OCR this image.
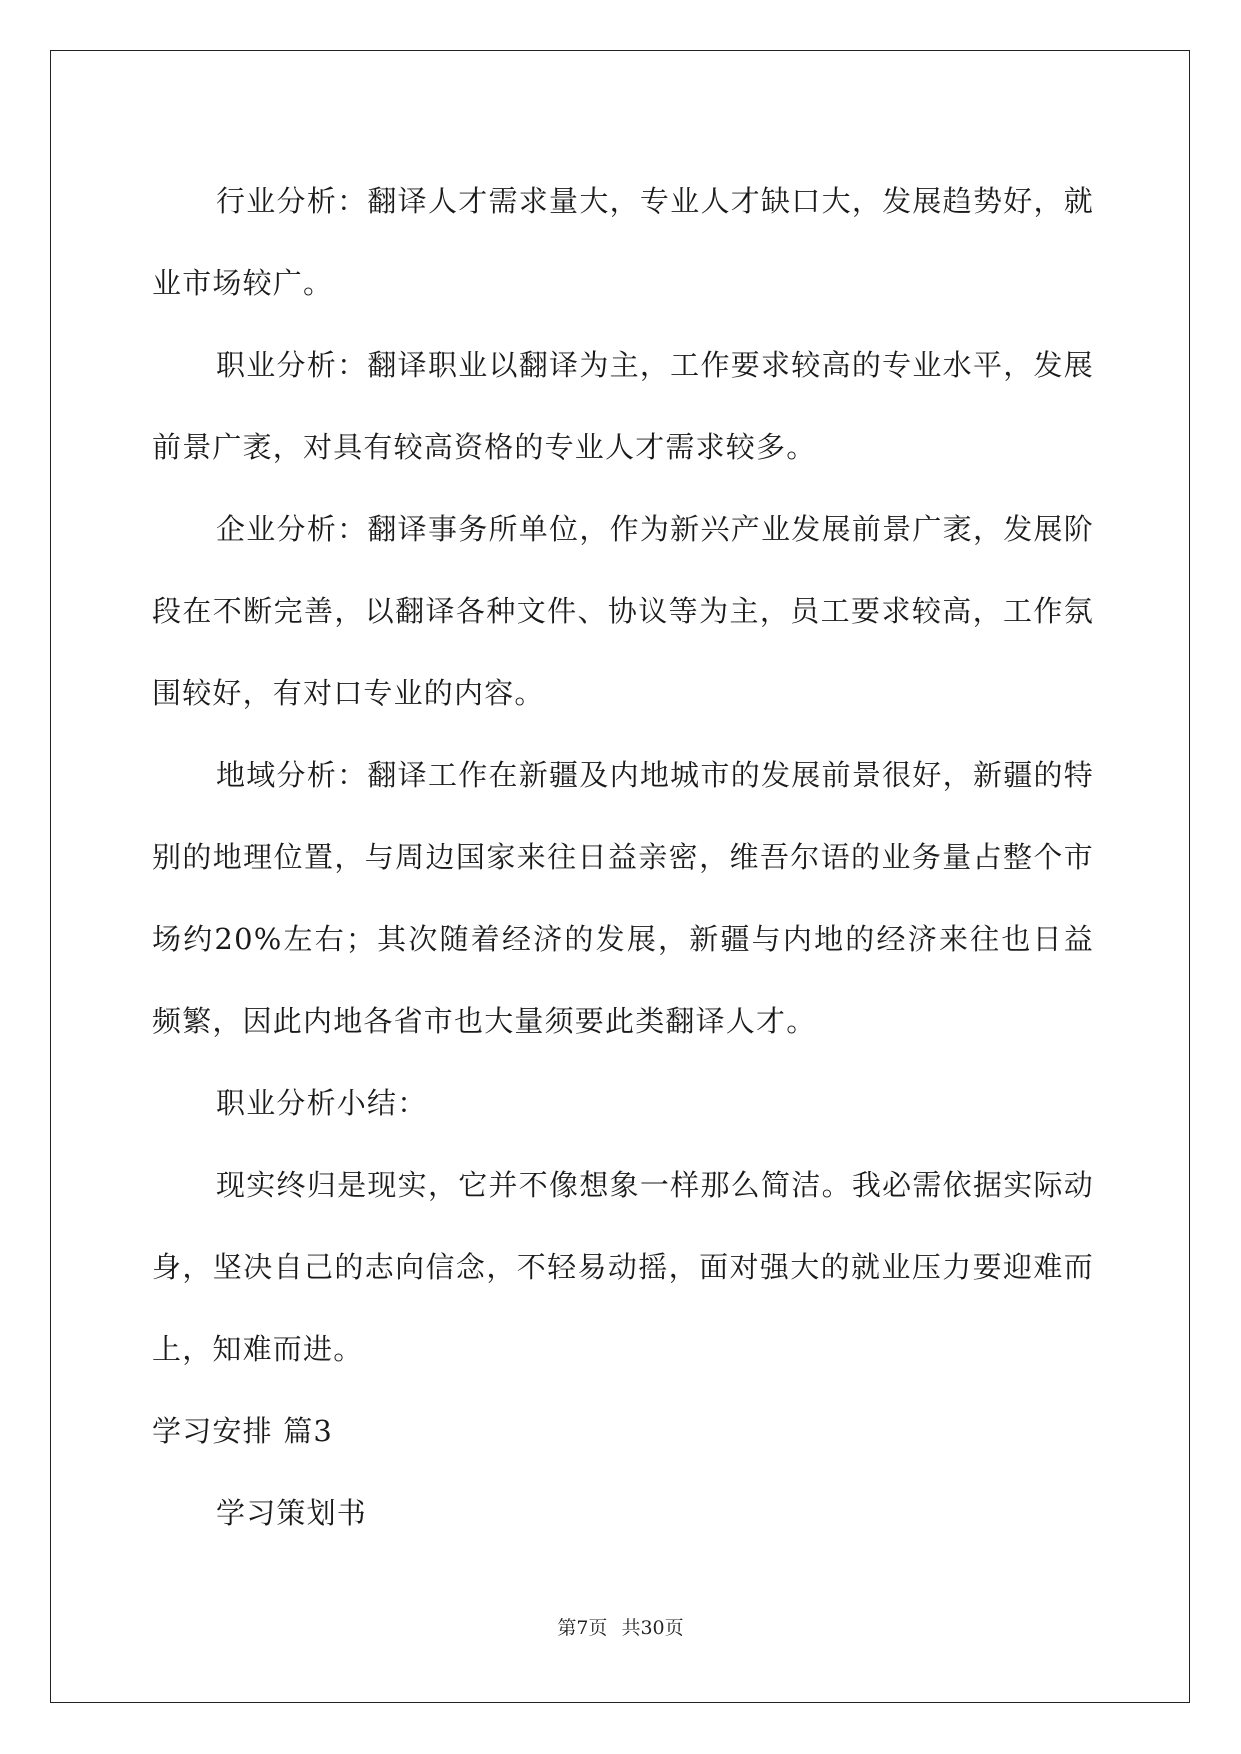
行业分析：翻译人才需求量大，专业人才缺口大，发展趋势好，就业市场较广。

职业分析：翻译职业以翻译为主，工作要求较高的专业水平，发展前景广袤，对具有较高资格的专业人才需求较多。

企业分析：翻译事务所单位，作为新兴产业发展前景广袤，发展阶段在不断完善，以翻译各种文件、协议等为主，员工要求较高，工作氛围较好，有对口专业的内容。

地域分析：翻译工作在新疆及内地城市的发展前景很好，新疆的特别的地理位置，与周边国家来往日益亲密，维吾尔语的业务量占整个市场约20%左右；其次随着经济的发展，新疆与内地的经济来往也日益频繁，因此内地各省市也大量须要此类翻译人才。

职业分析小结：

现实终归是现实，它并不像想象一样那么简洁。我必需依据实际动身，坚决自己的志向信念，不轻易动摇，面对强大的就业压力要迎难而上，知难而进。

学习安排 篇3

学习策划书

第7页 共30页
